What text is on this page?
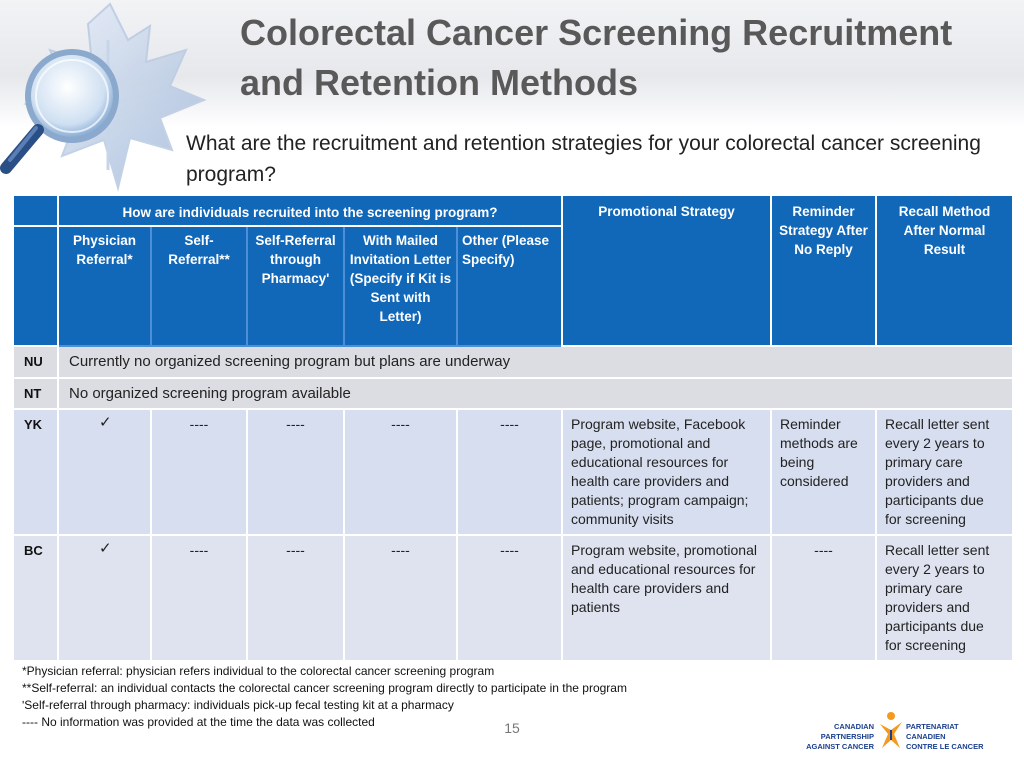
Colorectal Cancer Screening Recruitment
and Retention Methods
What are the recruitment and retention strategies for your colorectal cancer screening program?
	How are individuals recruited into the screening program?					Promotional Strategy	Reminder Strategy After No Reply	Recall Method After Normal Result
	Physician Referral*	Self-Referral**	Self-Referral through Pharmacyʹ	With Mailed Invitation Letter (Specify if Kit is Sent with Letter)	Other (Please Specify)			
NU	Currently no organized screening program but plans are underway							
NT	No organized screening program available							
YK	✓	----	----	----	----	Program website, Facebook page, promotional and educational resources for health care providers and patients; program campaign; community visits	Reminder methods are being considered	Recall letter sent every 2 years to primary care providers and participants due for screening
BC	✓	----	----	----	----	Program website, promotional and educational resources for health care providers and patients	----	Recall letter sent every 2 years to primary care providers and participants due for screening
*Physician referral: physician refers individual to the colorectal cancer screening program
**Self-referral: an individual contacts the colorectal cancer screening program directly to participate in the program
ʹSelf-referral through pharmacy: individuals pick-up fecal testing kit at a pharmacy
---- No information was provided at the time the data was collected	15	CANADIAN PARTNERSHIP
AGAINST CANCER
PARTENARIAT CANADIEN
CONTRE LE CANCER
